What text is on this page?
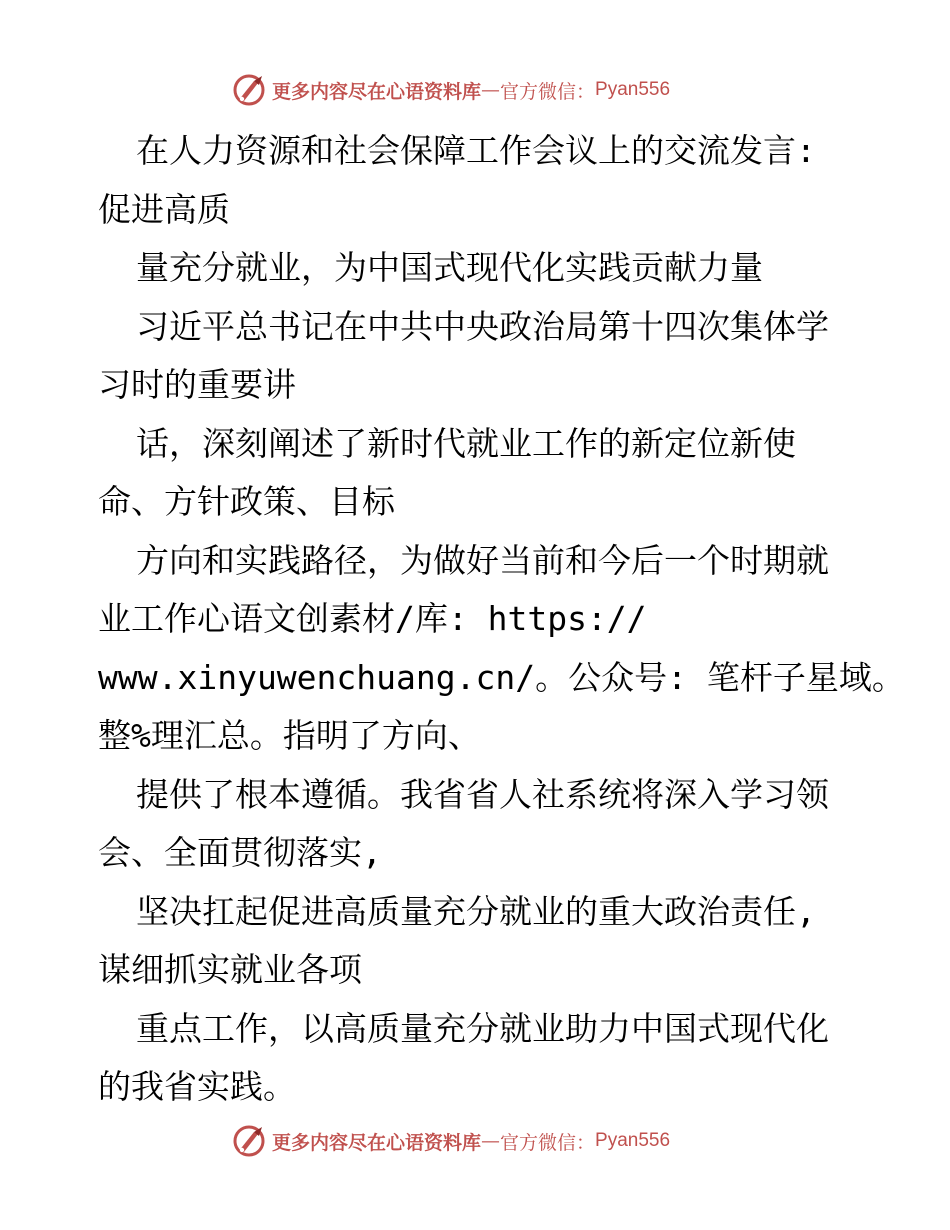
更多内容尽在心语资料库 — 官方微信： Pyan556
在人力资源和社会保障工作会议上的交流发言:
促进高质
量充分就业，为中国式现代化实践贡献力量
习近平总书记在中共中央政治局第十四次集体学
习时的重要讲
话，深刻阐述了新时代就业工作的新定位新使
命、方针政策、目标
方向和实践路径，为做好当前和今后一个时期就
业工作心语文创素材/库: https://
www.xinyuwenchuang.cn/。公众号: 笔杆子星域。
整%理汇总。指明了方向、
提供了根本遵循。我省省人社系统将深入学习领
会、全面贯彻落实,
坚决扛起促进高质量充分就业的重大政治责任,
谋细抓实就业各项
重点工作，以高质量充分就业助力中国式现代化
的我省实践。
更多内容尽在心语资料库 — 官方微信： Pyan556
